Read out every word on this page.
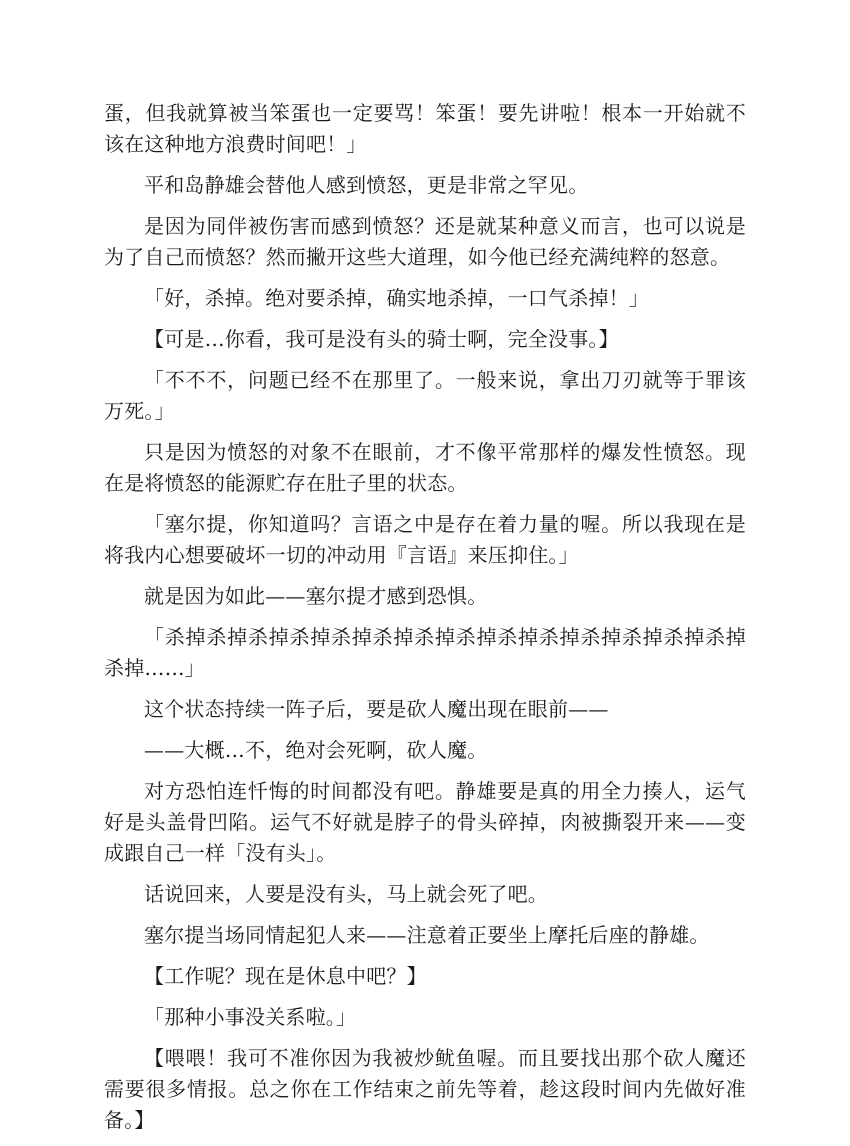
蛋，但我就算被当笨蛋也一定要骂！笨蛋！要先讲啦！根本一开始就不该在这种地方浪费时间吧！」

平和岛静雄会替他人感到愤怒，更是非常之罕见。

是因为同伴被伤害而感到愤怒？还是就某种意义而言，也可以说是为了自己而愤怒？然而撇开这些大道理，如今他已经充满纯粹的怒意。

「好，杀掉。绝对要杀掉，确实地杀掉，一口气杀掉！」

【可是…你看，我可是没有头的骑士啊，完全没事。】

「不不不，问题已经不在那里了。一般来说，拿出刀刃就等于罪该万死。」

只是因为愤怒的对象不在眼前，才不像平常那样的爆发性愤怒。现在是将愤怒的能源贮存在肚子里的状态。

「塞尔提，你知道吗？言语之中是存在着力量的喔。所以我现在是将我内心想要破坏一切的冲动用『言语』来压抑住。」

就是因为如此——塞尔提才感到恐惧。

「杀掉杀掉杀掉杀掉杀掉杀掉杀掉杀掉杀掉杀掉杀掉杀掉杀掉杀掉杀掉……」

这个状态持续一阵子后，要是砍人魔出现在眼前——

——大概…不，绝对会死啊，砍人魔。

对方恐怕连忏悔的时间都没有吧。静雄要是真的用全力揍人，运气好是头盖骨凹陷。运气不好就是脖子的骨头碎掉，肉被撕裂开来——变成跟自己一样「没有头」。

话说回来，人要是没有头，马上就会死了吧。

塞尔提当场同情起犯人来——注意着正要坐上摩托后座的静雄。

【工作呢？现在是休息中吧？】

「那种小事没关系啦。」

【喂喂！我可不准你因为我被炒鱿鱼喔。而且要找出那个砍人魔还需要很多情报。总之你在工作结束之前先等着，趁这段时间内先做好准备。】
